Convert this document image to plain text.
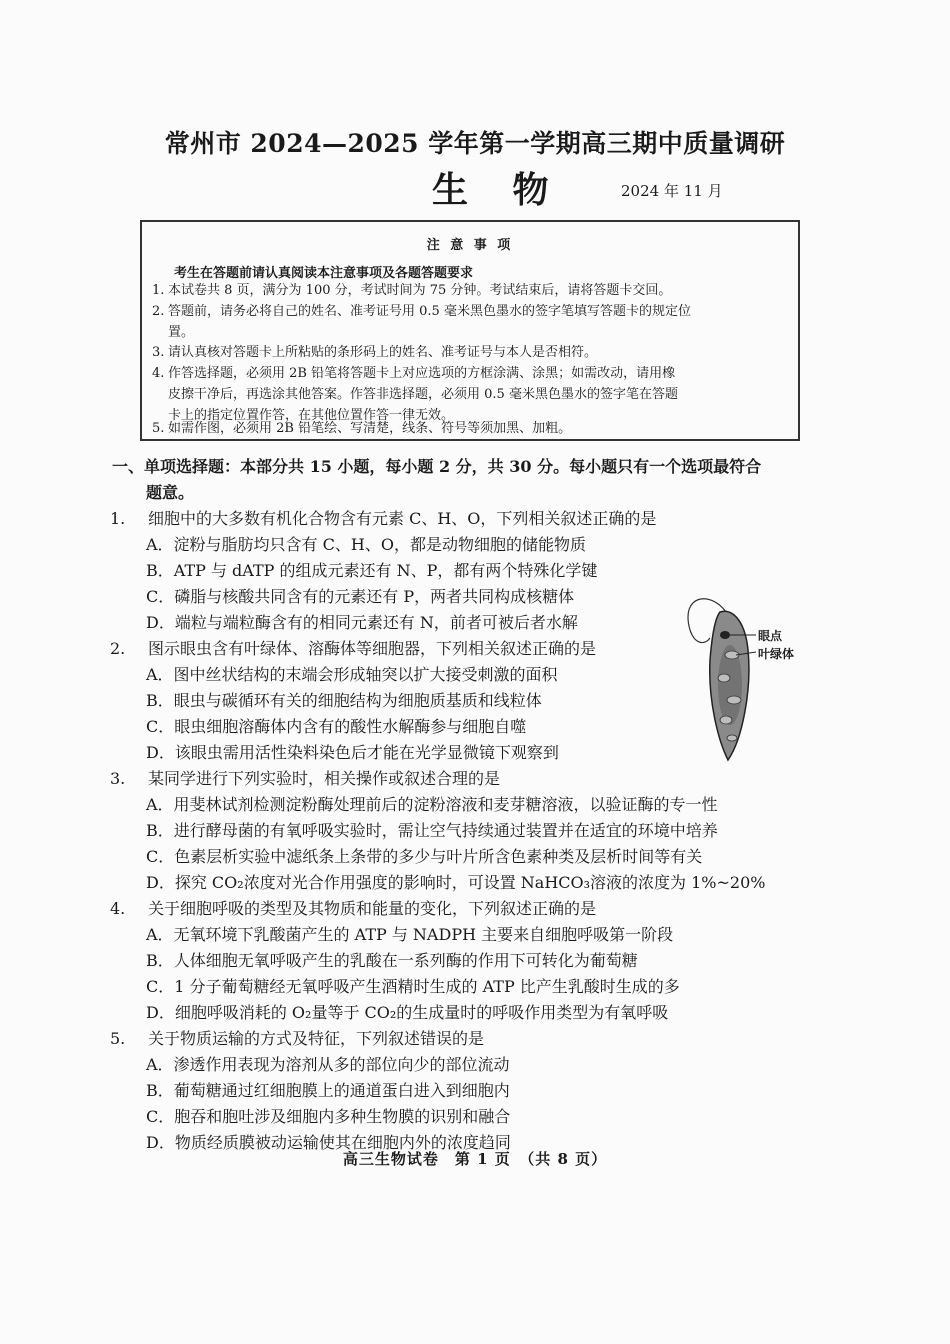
常州市 2024—2025 学年第一学期高三期中质量调研
生 物	2024 年 11 月
注 意 事 项
考生在答题前请认真阅读本注意事项及各题答题要求
1. 本试卷共 8 页，满分为 100 分，考试时间为 75 分钟。考试结束后，请将答题卡交回。
2. 答题前，请务必将自己的姓名、准考证号用 0.5 毫米黑色墨水的签字笔填写答题卡的规定位
置。
3. 请认真核对答题卡上所粘贴的条形码上的姓名、准考证号与本人是否相符。
4. 作答选择题，必须用 2B 铅笔将答题卡上对应选项的方框涂满、涂黑；如需改动，请用橡
皮擦干净后，再选涂其他答案。作答非选择题，必须用 0.5 毫米黑色墨水的签字笔在答题
卡上的指定位置作答，在其他位置作答一律无效。
5. 如需作图，必须用 2B 铅笔绘、写清楚，线条、符号等须加黑、加粗。
一、单项选择题：本部分共 15 小题，每小题 2 分，共 30 分。每小题只有一个选项最符合
题意。
1. 细胞中的大多数有机化合物含有元素 C、H、O，下列相关叙述正确的是
A．淀粉与脂肪均只含有 C、H、O，都是动物细胞的储能物质
B．ATP 与 dATP 的组成元素还有 N、P，都有两个特殊化学键
C．磷脂与核酸共同含有的元素还有 P，两者共同构成核糖体
D．端粒与端粒酶含有的相同元素还有 N，前者可被后者水解
2. 图示眼虫含有叶绿体、溶酶体等细胞器，下列相关叙述正确的是
A．图中丝状结构的末端会形成轴突以扩大接受刺激的面积
B．眼虫与碳循环有关的细胞结构为细胞质基质和线粒体
C．眼虫细胞溶酶体内含有的酸性水解酶参与细胞自噬
D．该眼虫需用活性染料染色后才能在光学显微镜下观察到
3. 某同学进行下列实验时，相关操作或叙述合理的是
A．用斐林试剂检测淀粉酶处理前后的淀粉溶液和麦芽糖溶液，以验证酶的专一性
B．进行酵母菌的有氧呼吸实验时，需让空气持续通过装置并在适宜的环境中培养
C．色素层析实验中滤纸条上条带的多少与叶片所含色素种类及层析时间等有关
D．探究 CO₂浓度对光合作用强度的影响时，可设置 NaHCO₃溶液的浓度为 1%~20%
4. 关于细胞呼吸的类型及其物质和能量的变化，下列叙述正确的是
A．无氧环境下乳酸菌产生的 ATP 与 NADPH 主要来自细胞呼吸第一阶段
B．人体细胞无氧呼吸产生的乳酸在一系列酶的作用下可转化为葡萄糖
C．1 分子葡萄糖经无氧呼吸产生酒精时生成的 ATP 比产生乳酸时生成的多
D．细胞呼吸消耗的 O₂量等于 CO₂的生成量时的呼吸作用类型为有氧呼吸
5. 关于物质运输的方式及特征，下列叙述错误的是
A．渗透作用表现为溶剂从多的部位向少的部位流动
B．葡萄糖通过红细胞膜上的通道蛋白进入到细胞内
C．胞吞和胞吐涉及细胞内多种生物膜的识别和融合
D．物质经质膜被动运输使其在细胞内外的浓度趋同
眼点
叶绿体
高三生物试卷　第 1 页　（共 8 页）
